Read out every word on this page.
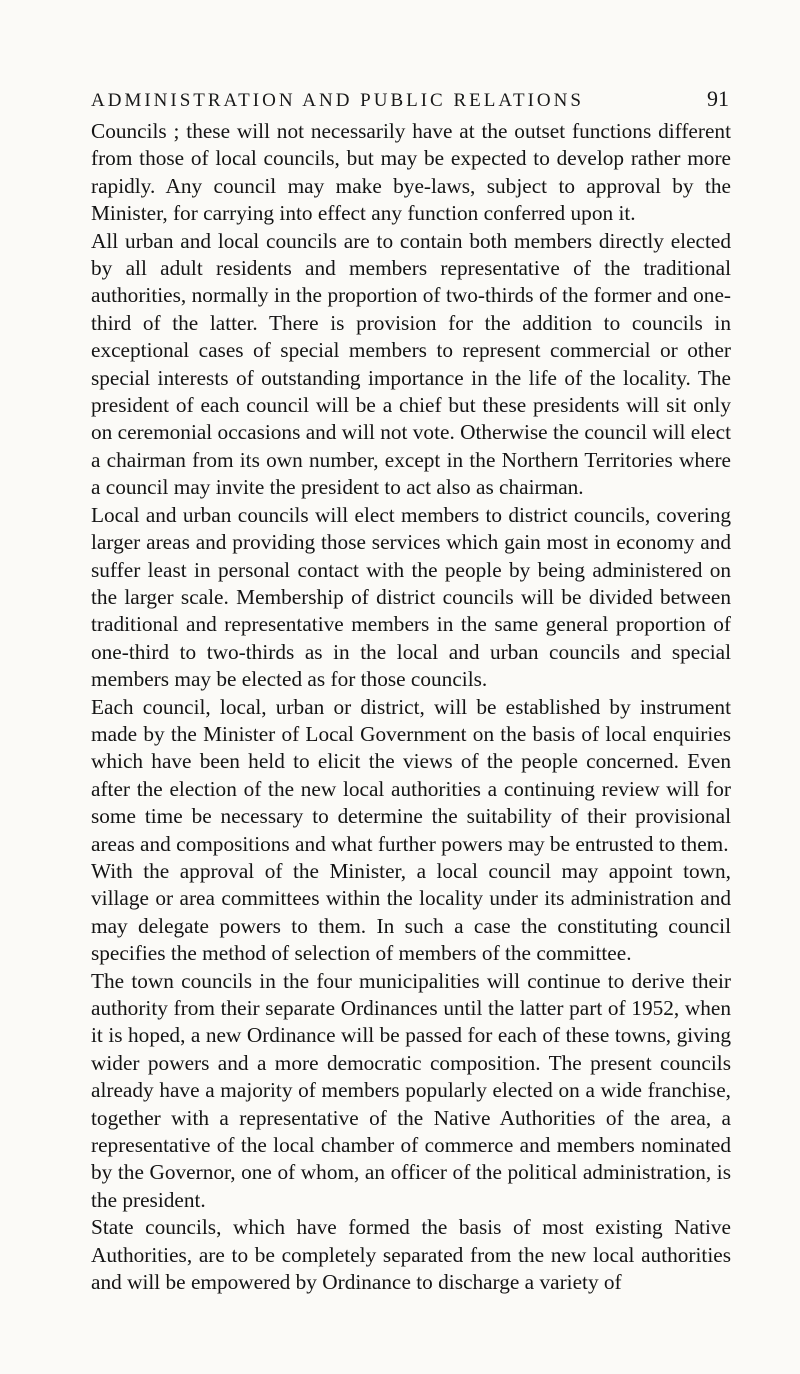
ADMINISTRATION AND PUBLIC RELATIONS	91

Councils ; these will not necessarily have at the outset functions different from those of local councils, but may be expected to develop rather more rapidly. Any council may make bye-laws, subject to approval by the Minister, for carrying into effect any function conferred upon it.

All urban and local councils are to contain both members directly elected by all adult residents and members representative of the traditional authorities, normally in the proportion of two-thirds of the former and one-third of the latter. There is provision for the addition to councils in exceptional cases of special members to represent commercial or other special interests of outstanding importance in the life of the locality. The president of each council will be a chief but these presidents will sit only on ceremonial occasions and will not vote. Otherwise the council will elect a chairman from its own number, except in the Northern Territories where a council may invite the president to act also as chairman.

Local and urban councils will elect members to district councils, covering larger areas and providing those services which gain most in economy and suffer least in personal contact with the people by being administered on the larger scale. Membership of district councils will be divided between traditional and representative members in the same general proportion of one-third to two-thirds as in the local and urban councils and special members may be elected as for those councils.

Each council, local, urban or district, will be established by instrument made by the Minister of Local Government on the basis of local enquiries which have been held to elicit the views of the people concerned. Even after the election of the new local authorities a continuing review will for some time be necessary to determine the suitability of their provisional areas and compositions and what further powers may be entrusted to them.

With the approval of the Minister, a local council may appoint town, village or area committees within the locality under its administration and may delegate powers to them. In such a case the constituting council specifies the method of selection of members of the committee.

The town councils in the four municipalities will continue to derive their authority from their separate Ordinances until the latter part of 1952, when it is hoped, a new Ordinance will be passed for each of these towns, giving wider powers and a more democratic composition. The present councils already have a majority of members popularly elected on a wide franchise, together with a representative of the Native Authorities of the area, a representative of the local chamber of commerce and members nominated by the Governor, one of whom, an officer of the political administration, is the president.

State councils, which have formed the basis of most existing Native Authorities, are to be completely separated from the new local authorities and will be empowered by Ordinance to discharge a variety of
